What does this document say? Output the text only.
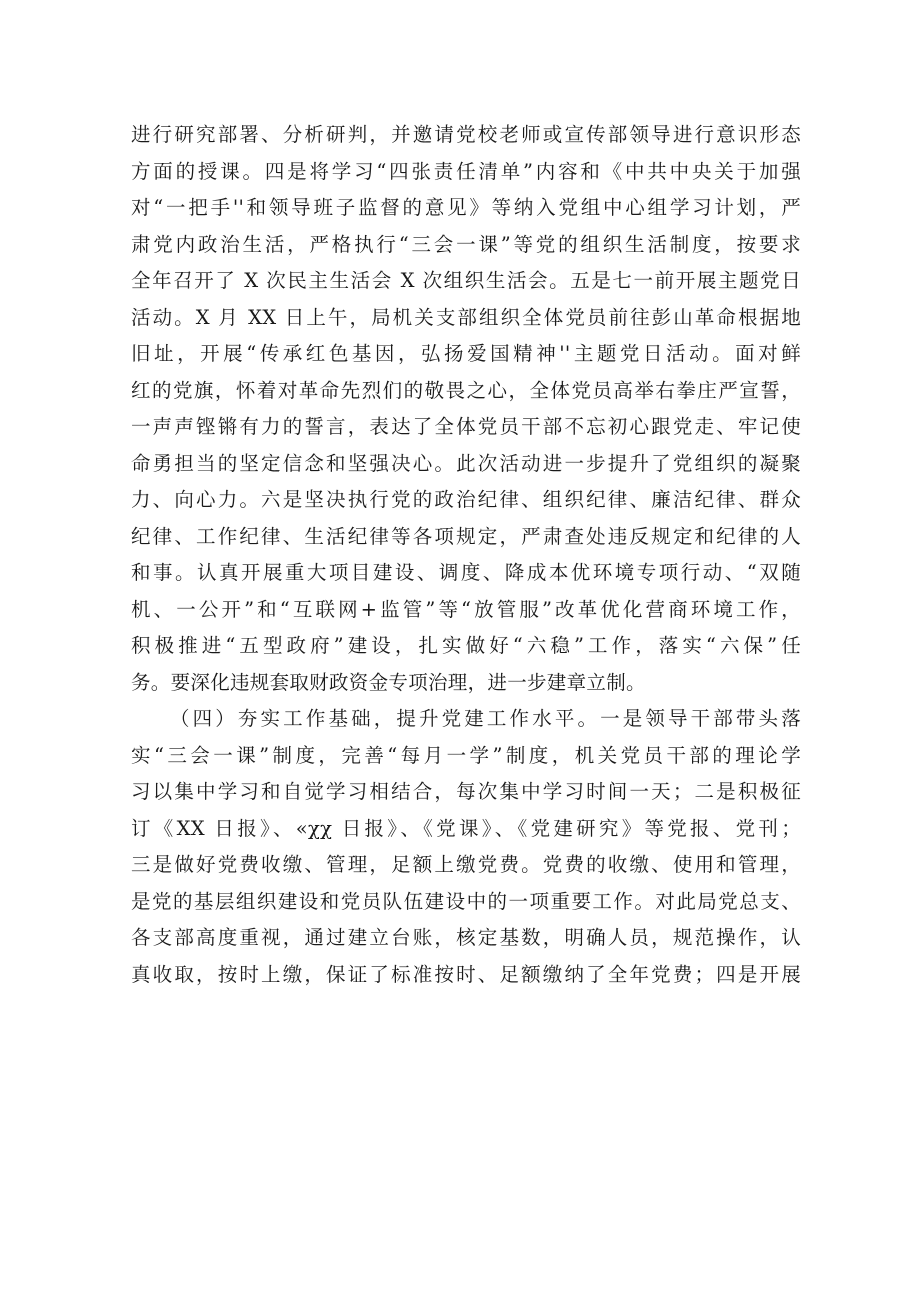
进行研究部署、分析研判，并邀请党校老师或宣传部领导进行意识形态
方面的授课。四是将学习“四张责任清单”内容和《中共中央关于加强
对“一把手''和领导班子监督的意见》等纳入党组中心组学习计划，严
肃党内政治生活，严格执行“三会一课”等党的组织生活制度，按要求
全年召开了 X 次民主生活会 X 次组织生活会。五是七一前开展主题党日
活动。X 月 XX 日上午，局机关支部组织全体党员前往彭山革命根据地
旧址，开展“传承红色基因，弘扬爱国精神''主题党日活动。面对鲜
红的党旗，怀着对革命先烈们的敬畏之心，全体党员高举右拳庄严宣誓，
一声声铿锵有力的誓言，表达了全体党员干部不忘初心跟党走、牢记使
命勇担当的坚定信念和坚强决心。此次活动进一步提升了党组织的凝聚
力、向心力。六是坚决执行党的政治纪律、组织纪律、廉洁纪律、群众
纪律、工作纪律、生活纪律等各项规定，严肃查处违反规定和纪律的人
和事。认真开展重大项目建设、调度、降成本优环境专项行动、“双随
机、一公开”和“互联网+监管”等“放管服”改革优化营商环境工作，
积极推进“五型政府”建设，扎实做好“六稳”工作，落实“六保”任
务。要深化违规套取财政资金专项治理，进一步建章立制。
（四）夯实工作基础，提升党建工作水平。一是领导干部带头落
实“三会一课”制度，完善“每月一学”制度，机关党员干部的理论学
习以集中学习和自觉学习相结合，每次集中学习时间一天；二是积极征
订《XX 日报》、«χχ 日报》、《党课》、《党建研究》等党报、党刊；
三是做好党费收缴、管理，足额上缴党费。党费的收缴、使用和管理，
是党的基层组织建设和党员队伍建设中的一项重要工作。对此局党总支、
各支部高度重视，通过建立台账，核定基数，明确人员，规范操作，认
真收取，按时上缴，保证了标准按时、足额缴纳了全年党费；四是开展
